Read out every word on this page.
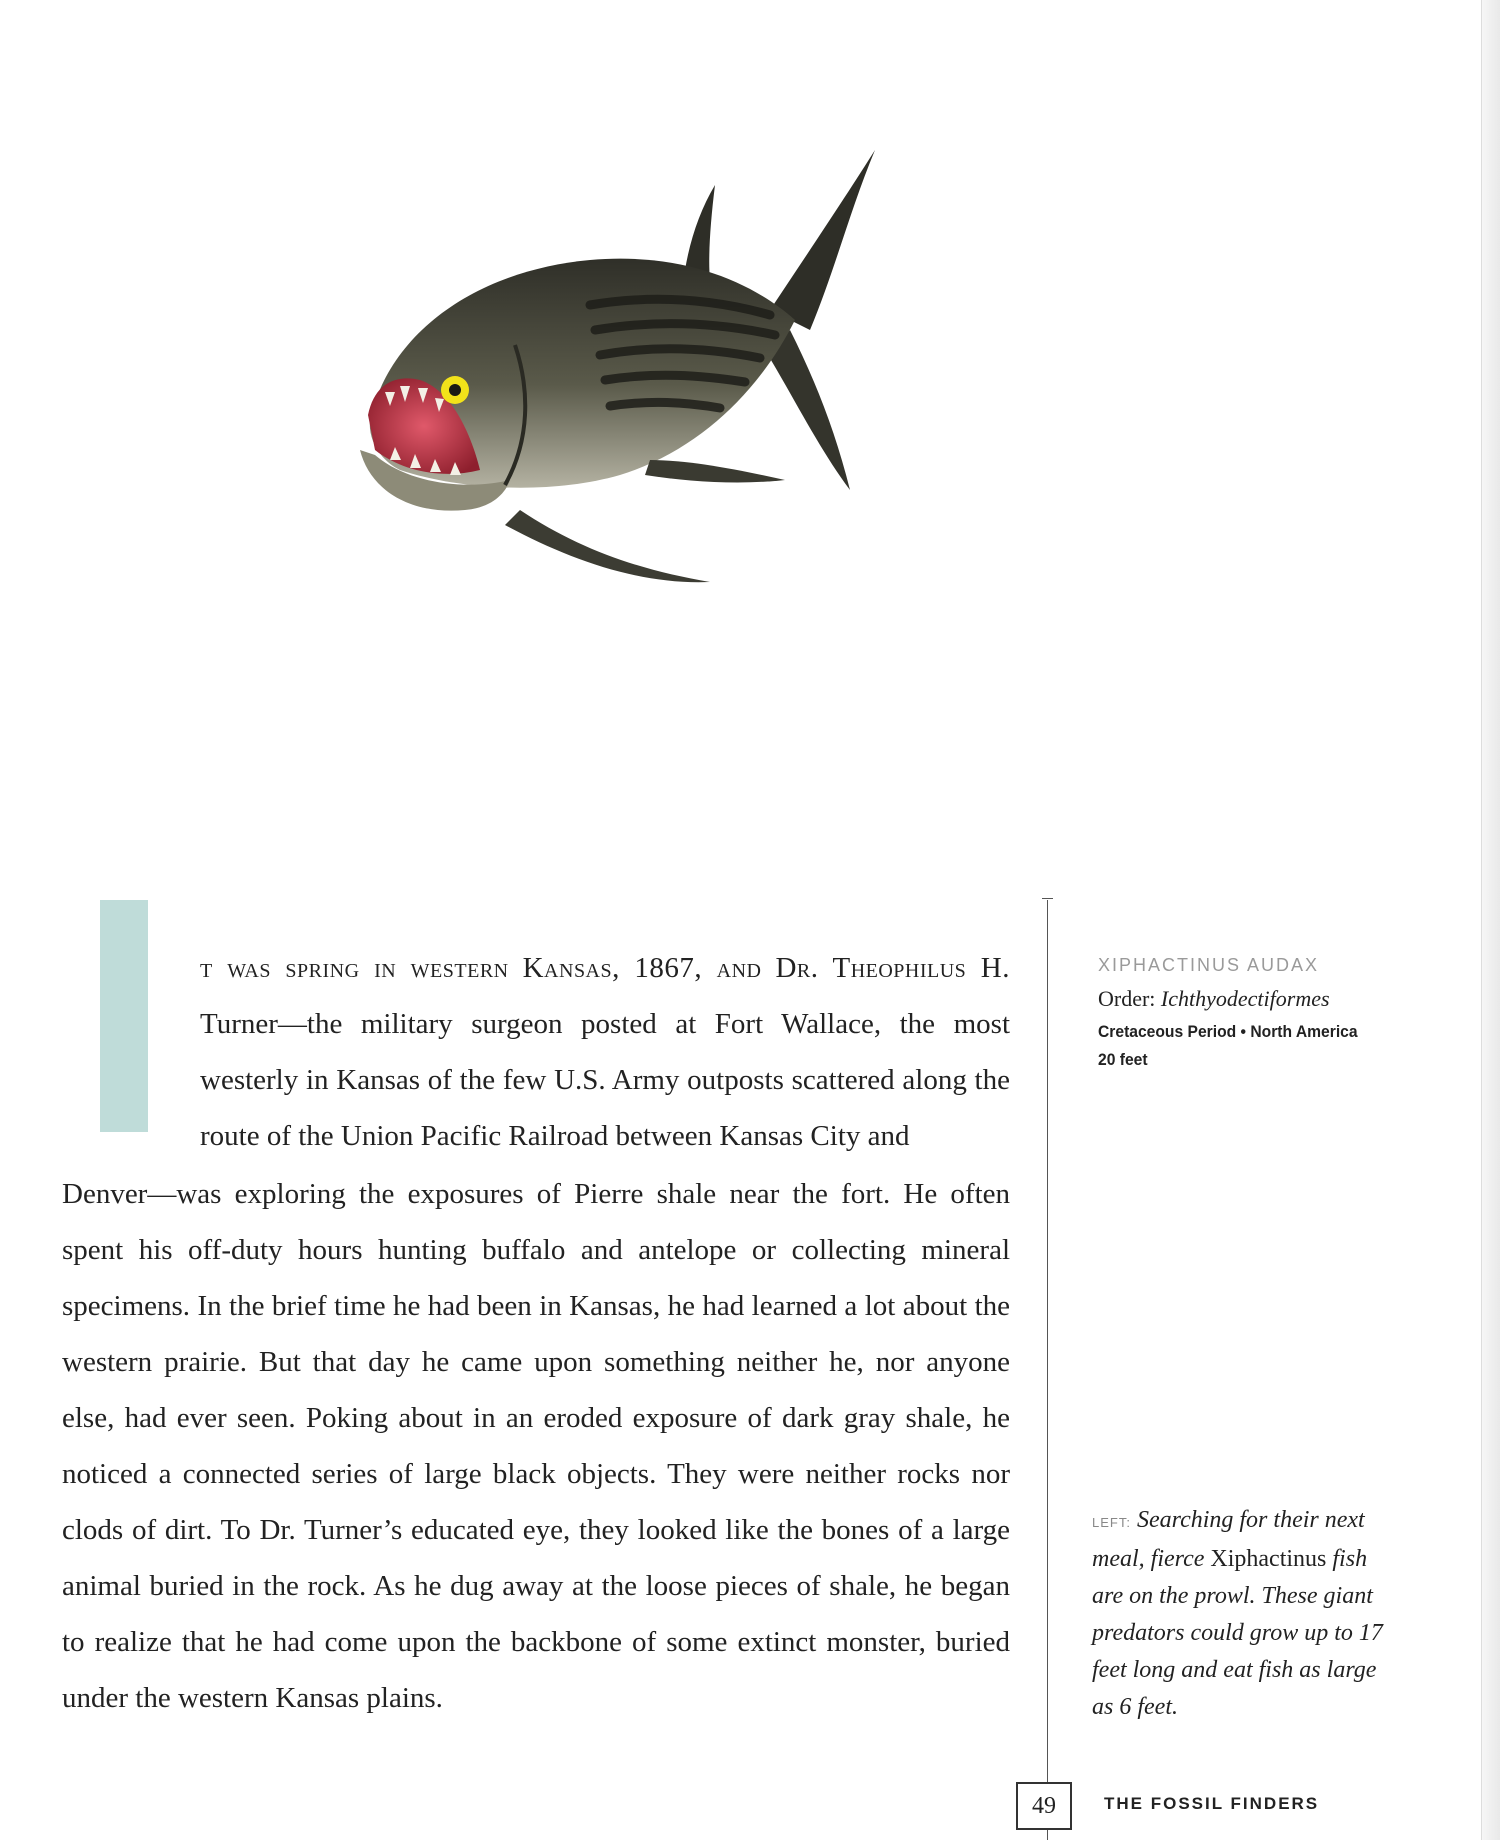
t was spring in western Kansas, 1867, and Dr. Theophilus H.

Turner—the military surgeon posted at Fort Wallace, the most westerly in Kansas of the few U.S. Army outposts scattered along the route of the Union Pacific Railroad between Kansas City and
Denver—was exploring the exposures of Pierre shale near the fort. He often spent his off-duty hours hunting buffalo and antelope or collecting mineral specimens. In the brief time he had been in Kansas, he had learned a lot about the western prairie. But that day he came upon something neither he, nor anyone else, had ever seen. Poking about in an eroded exposure of dark gray shale, he noticed a connected series of large black objects. They were neither rocks nor clods of dirt. To Dr. Turner’s educated eye, they looked like the bones of a large animal buried in the rock. As he dug away at the loose pieces of shale, he began to realize that he had come upon the backbone of some extinct monster, buried under the western Kansas plains.
XIPHACTINUS AUDAX
Order: Ichthyodectiformes
Cretaceous Period • North America
20 feet
LEFT: Searching for their next meal, fierce Xiphactinus fish are on the prowl. These giant predators could grow up to 17 feet long and eat fish as large as 6 feet.
49	THE FOSSIL FINDERS
